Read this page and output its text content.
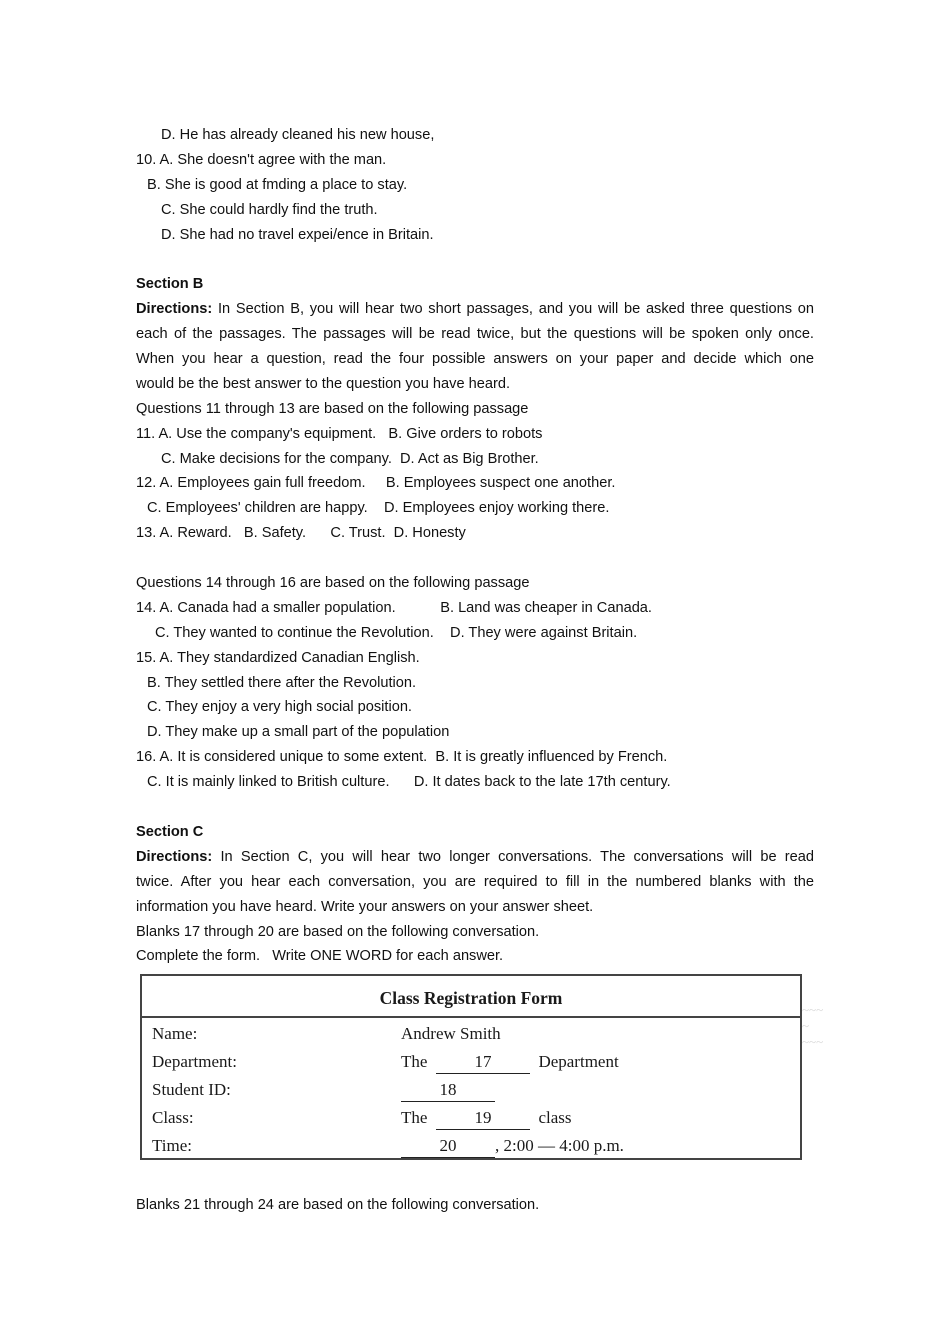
D. He has already cleaned his new house,
10. A. She doesn't agree with the man.
B. She is good at fmding a place to stay.
C. She could hardly find the truth.
D. She had no travel expei/ence in Britain.
Section B
Directions: In Section B, you will hear two short passages, and you will be asked three questions on
each of the passages. The passages will be read twice, but the questions will be spoken only once.
When you hear a question, read the four possible answers on your paper and decide which one
would be the best answer to the question you have heard.
Questions 11 through 13 are based on the following passage
11. A. Use the company's equipment.   B. Give orders to robots
C. Make decisions for the company.  D. Act as Big Brother.
12. A. Employees gain full freedom.     B. Employees suspect one another.
C. Employees' children are happy.    D. Employees enjoy working there.
13. A. Reward.   B. Safety.      C. Trust.  D. Honesty
Questions 14 through 16 are based on the following passage
14. A. Canada had a smaller population.           B. Land was cheaper in Canada.
C. They wanted to continue the Revolution.    D. They were against Britain.
15. A. They standardized Canadian English.
B. They settled there after the Revolution.
C. They enjoy a very high social position.
D. They make up a small part of the population
16. A. It is considered unique to some extent.  B. It is greatly influenced by French.
C. It is mainly linked to British culture.      D. It dates back to the late 17th century.
Section C
Directions: In Section C, you will hear two longer conversations. The conversations will be read
twice. After you hear each conversation, you are required to fill in the numbered blanks with the
information you have heard. Write your answers on your answer sheet.
Blanks 17 through 20 are based on the following conversation.
Complete the form.   Write ONE WORD for each answer.
~~~ ~ ~~~
Class Registration Form
Name:	Andrew Smith
Department:	The	17	Department
Student ID:	18
Class:	The	19	class
Time:	20 , 2:00 — 4:00 p.m.
Blanks 21 through 24 are based on the following conversation.
